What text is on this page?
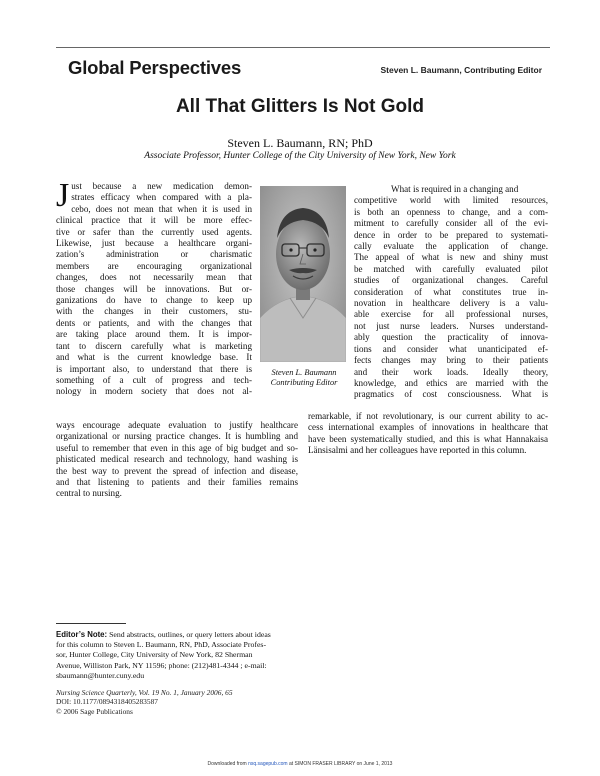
Global Perspectives	Steven L. Baumann, Contributing Editor
All That Glitters Is Not Gold
Steven L. Baumann, RN; PhD
Associate Professor, Hunter College of the City University of New York, New York
J ust because a new medication demon-
strates efficacy when compared with a pla-
cebo, does not mean that when it is used in
clinical practice that it will be more effec-
tive or safer than the currently used agents.
Likewise, just because a healthcare organi-
zation’s administration or charismatic
members are encouraging organizational
changes, does not necessarily mean that
those changes will be innovations. But or-
ganizations do have to change to keep up
with the changes in their customers, stu-
dents or patients, and with the changes that
are taking place around them. It is impor-
tant to discern carefully what is marketing
and what is the current knowledge base. It
is important also, to understand that there is
something of a cult of progress and tech-
nology in modern society that does not al-
ways encourage adequate evaluation to justify healthcare
organizational or nursing practice changes. It is humbling and
useful to remember that even in this age of big budget and so-
phisticated medical research and technology, hand washing is
the best way to prevent the spread of infection and disease,
and that listening to patients and their families remains
central to nursing.
Steven L. Baumann
Contributing Editor
What is required in a changing and
competitive world with limited resources,
is both an openness to change, and a com-
mitment to carefully consider all of the evi-
dence in order to be prepared to systemati-
cally evaluate the application of change.
The appeal of what is new and shiny must
be matched with carefully evaluated pilot
studies of organizational changes. Careful
consideration of what constitutes true in-
novation in healthcare delivery is a valu-
able exercise for all professional nurses,
not just nurse leaders. Nurses understand-
ably question the practicality of innova-
tions and consider what unanticipated ef-
fects changes may bring to their patients
and their work loads. Ideally theory,
knowledge, and ethics are married with the
pragmatics of cost consciousness. What is
remarkable, if not revolutionary, is our current ability to ac-
cess international examples of innovations in healthcare that
have been systematically studied, and this is what Hannakaisa
Länsisalmi and her colleagues have reported in this column.
Editor’s Note: Send abstracts, outlines, or query letters about ideas
for this column to Steven L. Baumann, RN, PhD, Associate Profes-
sor, Hunter College, City University of New York, 82 Sherman
Avenue, Williston Park, NY 11596; phone: (212)481-4344 ; e-mail:
sbaumann@hunter.cuny.edu
Nursing Science Quarterly, Vol. 19 No. 1, January 2006, 65
DOI: 10.1177/0894318405283587
© 2006 Sage Publications
Downloaded from nsq.sagepub.com at SIMON FRASER LIBRARY on June 1, 2013
